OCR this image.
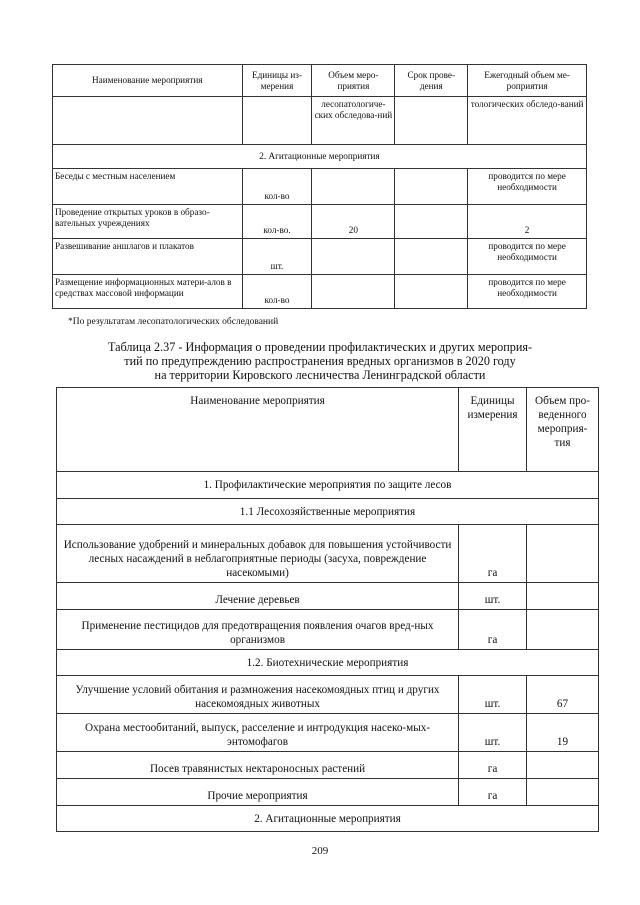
Наименование мероприятия	Единицы из-мерения	Объем меро-приятия	Срок прове-дения	Ежегодный объем ме-роприятия
		лесопатологиче-ских обследова-ний		тологических обследо-ваний
2. Агитационные мероприятия				
Беседы с местным населением	кол-во			проводится по мере необходимости
Проведение открытых уроков в образо-вательных учреждениях	кол-во.	20		2
Развешивание аншлагов и плакатов	шт.			проводится по мере необходимости
Размещение информационных матери-алов в средствах массовой информации	кол-во			проводится по мере необходимости
*По результатам лесопатологических обследований
Таблица 2.37 - Информация о проведении профилактических и других мероприя-
тий по предупреждению распространения вредных организмов в 2020 году
на территории Кировского лесничества Ленинградской области
Наименование мероприятия	Единицы измерения	Объем про-веденного мероприя-тия
1. Профилактические мероприятия по защите лесов		
1.1 Лесохозяйственные мероприятия		
Использование удобрений и минеральных добавок для повышения устойчивости лесных насаждений в неблагоприятные периоды (засуха, повреждение насекомыми)	га	
Лечение деревьев	шт.	
Применение пестицидов для предотвращения появления очагов вред-ных организмов	га	
1.2. Биотехнические мероприятия		
Улучшение условий обитания и размножения насекомоядных птиц и других насекомоядных животных	шт.	67
Охрана местообитаний, выпуск, расселение и интродукция насеко-мых-энтомофагов	шт.	19
Посев травянистых нектароносных растений	га	
Прочие мероприятия	га	
2. Агитационные мероприятия		
209
